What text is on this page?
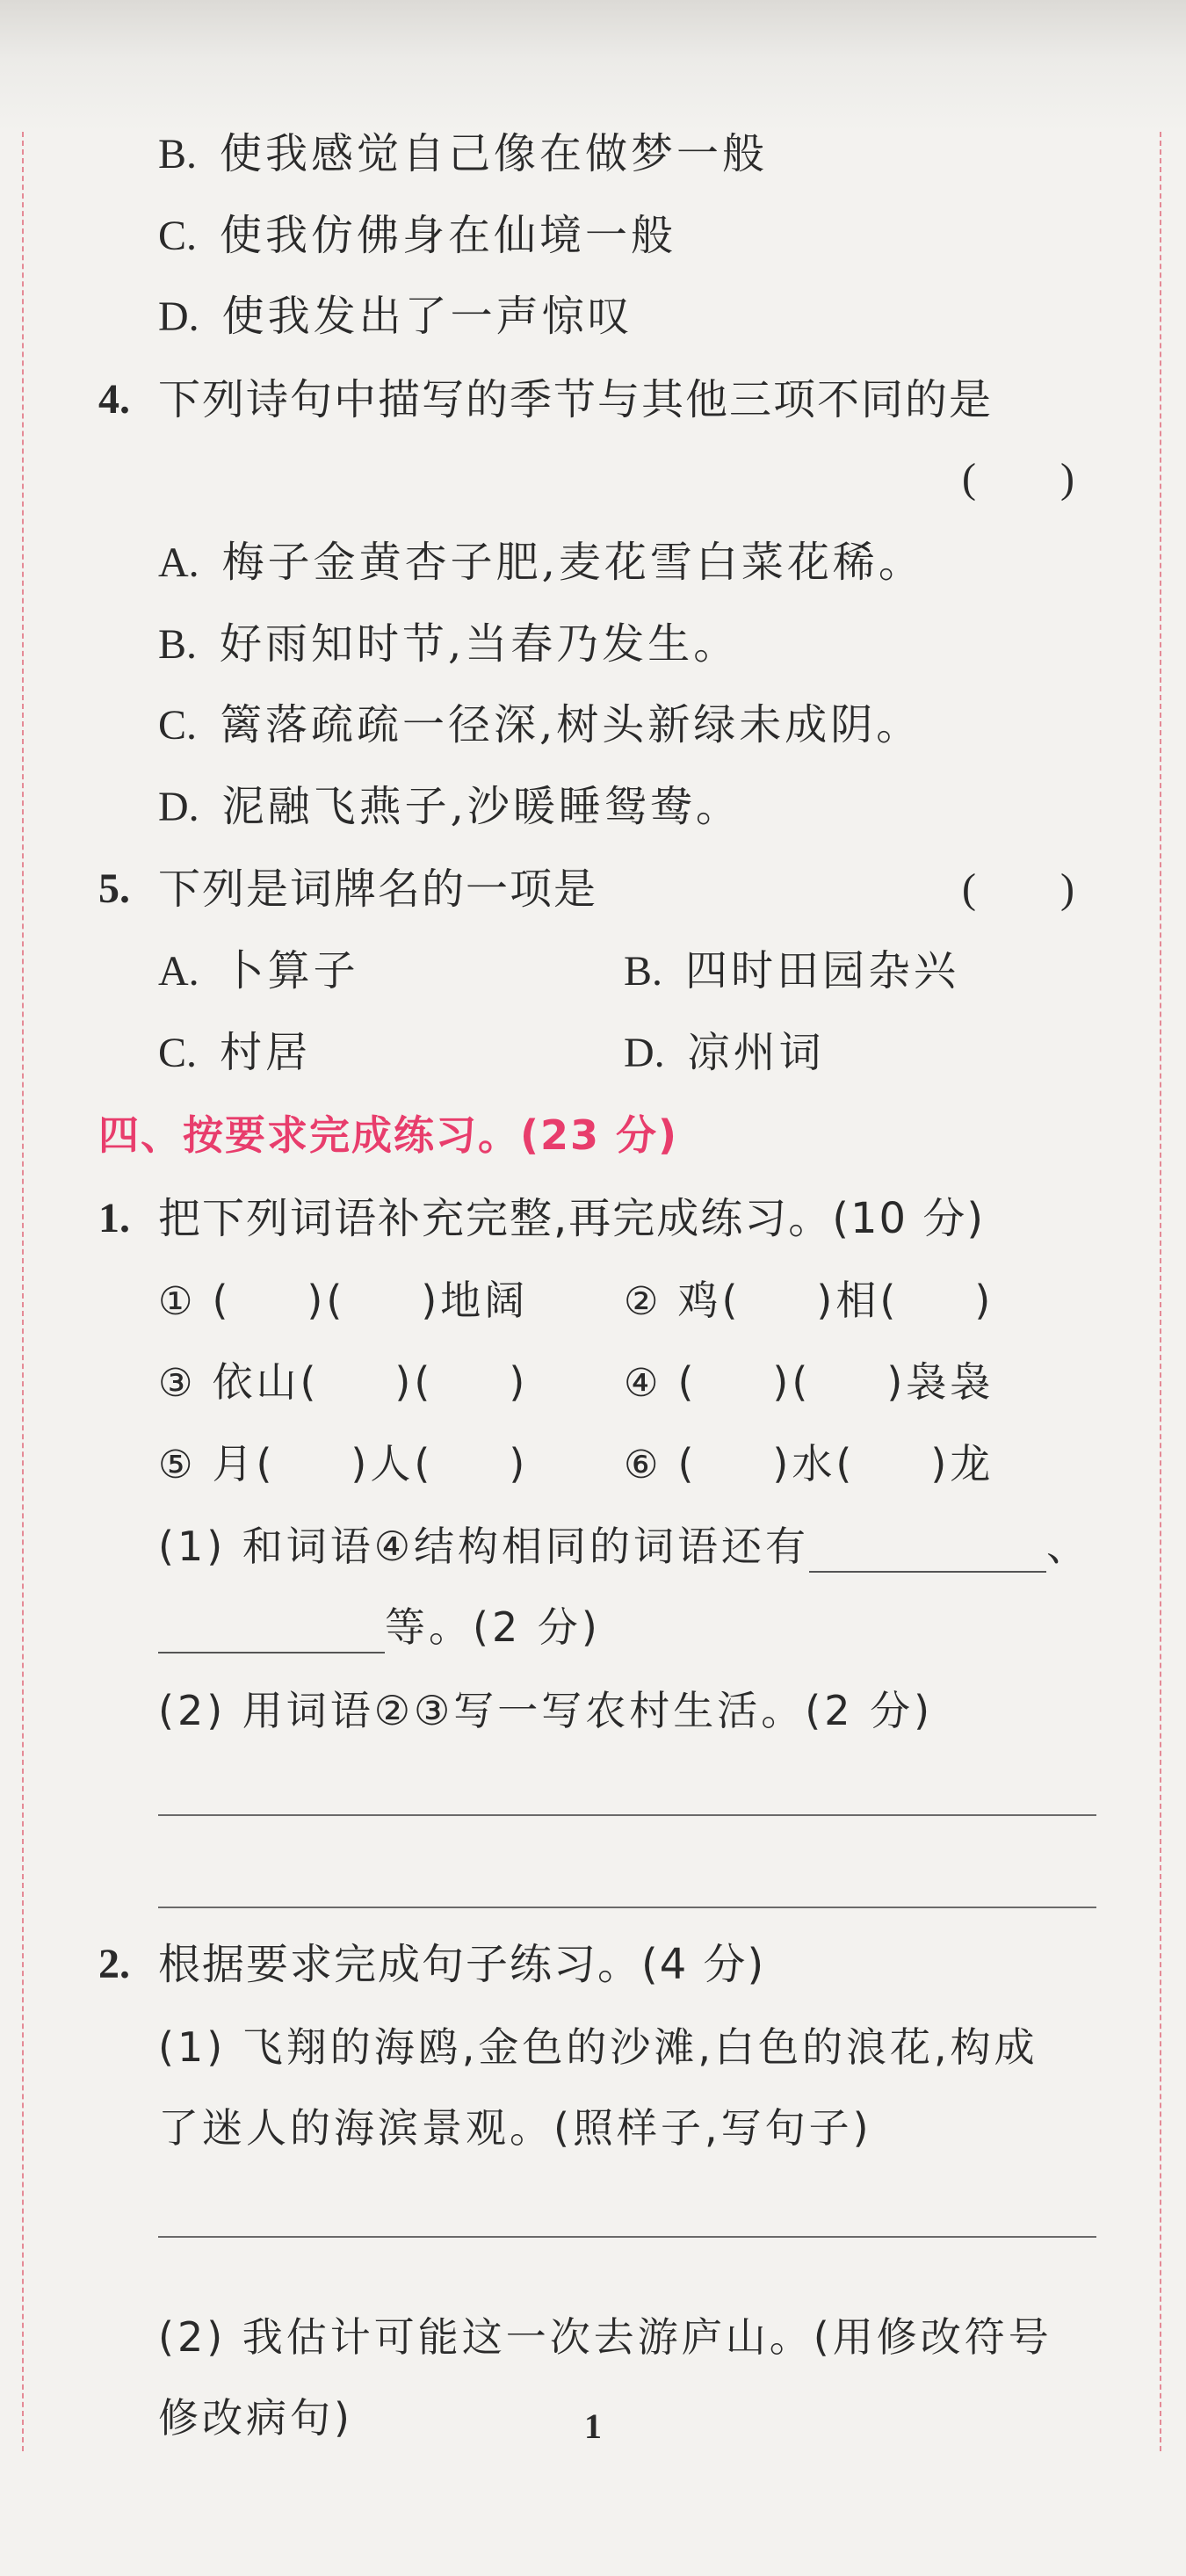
B. 使我感觉自己像在做梦一般
C. 使我仿佛身在仙境一般
D. 使我发出了一声惊叹
4. 下列诗句中描写的季节与其他三项不同的是
(　　)
A. 梅子金黄杏子肥,麦花雪白菜花稀。
B. 好雨知时节,当春乃发生。
C. 篱落疏疏一径深,树头新绿未成阴。
D. 泥融飞燕子,沙暖睡鸳鸯。
5. 下列是词牌名的一项是	(　　)
A. 卜算子	B. 四时田园杂兴
C. 村居	D. 凉州词
四、按要求完成练习。(23 分)
1. 把下列词语补充完整,再完成练习。(10 分)
① ( )( )地阔 ② 鸡( )相( )
③ 依山( )( ) ④ ( )( )袅袅
⑤ 月( )人( ) ⑥ ( )水( )龙
(1) 和词语④结构相同的词语还有	、
等。(2 分)
(2) 用词语②③写一写农村生活。(2 分)
2. 根据要求完成句子练习。(4 分)
(1) 飞翔的海鸥,金色的沙滩,白色的浪花,构成
了迷人的海滨景观。(照样子,写句子)
(2) 我估计可能这一次去游庐山。(用修改符号
修改病句)	1
